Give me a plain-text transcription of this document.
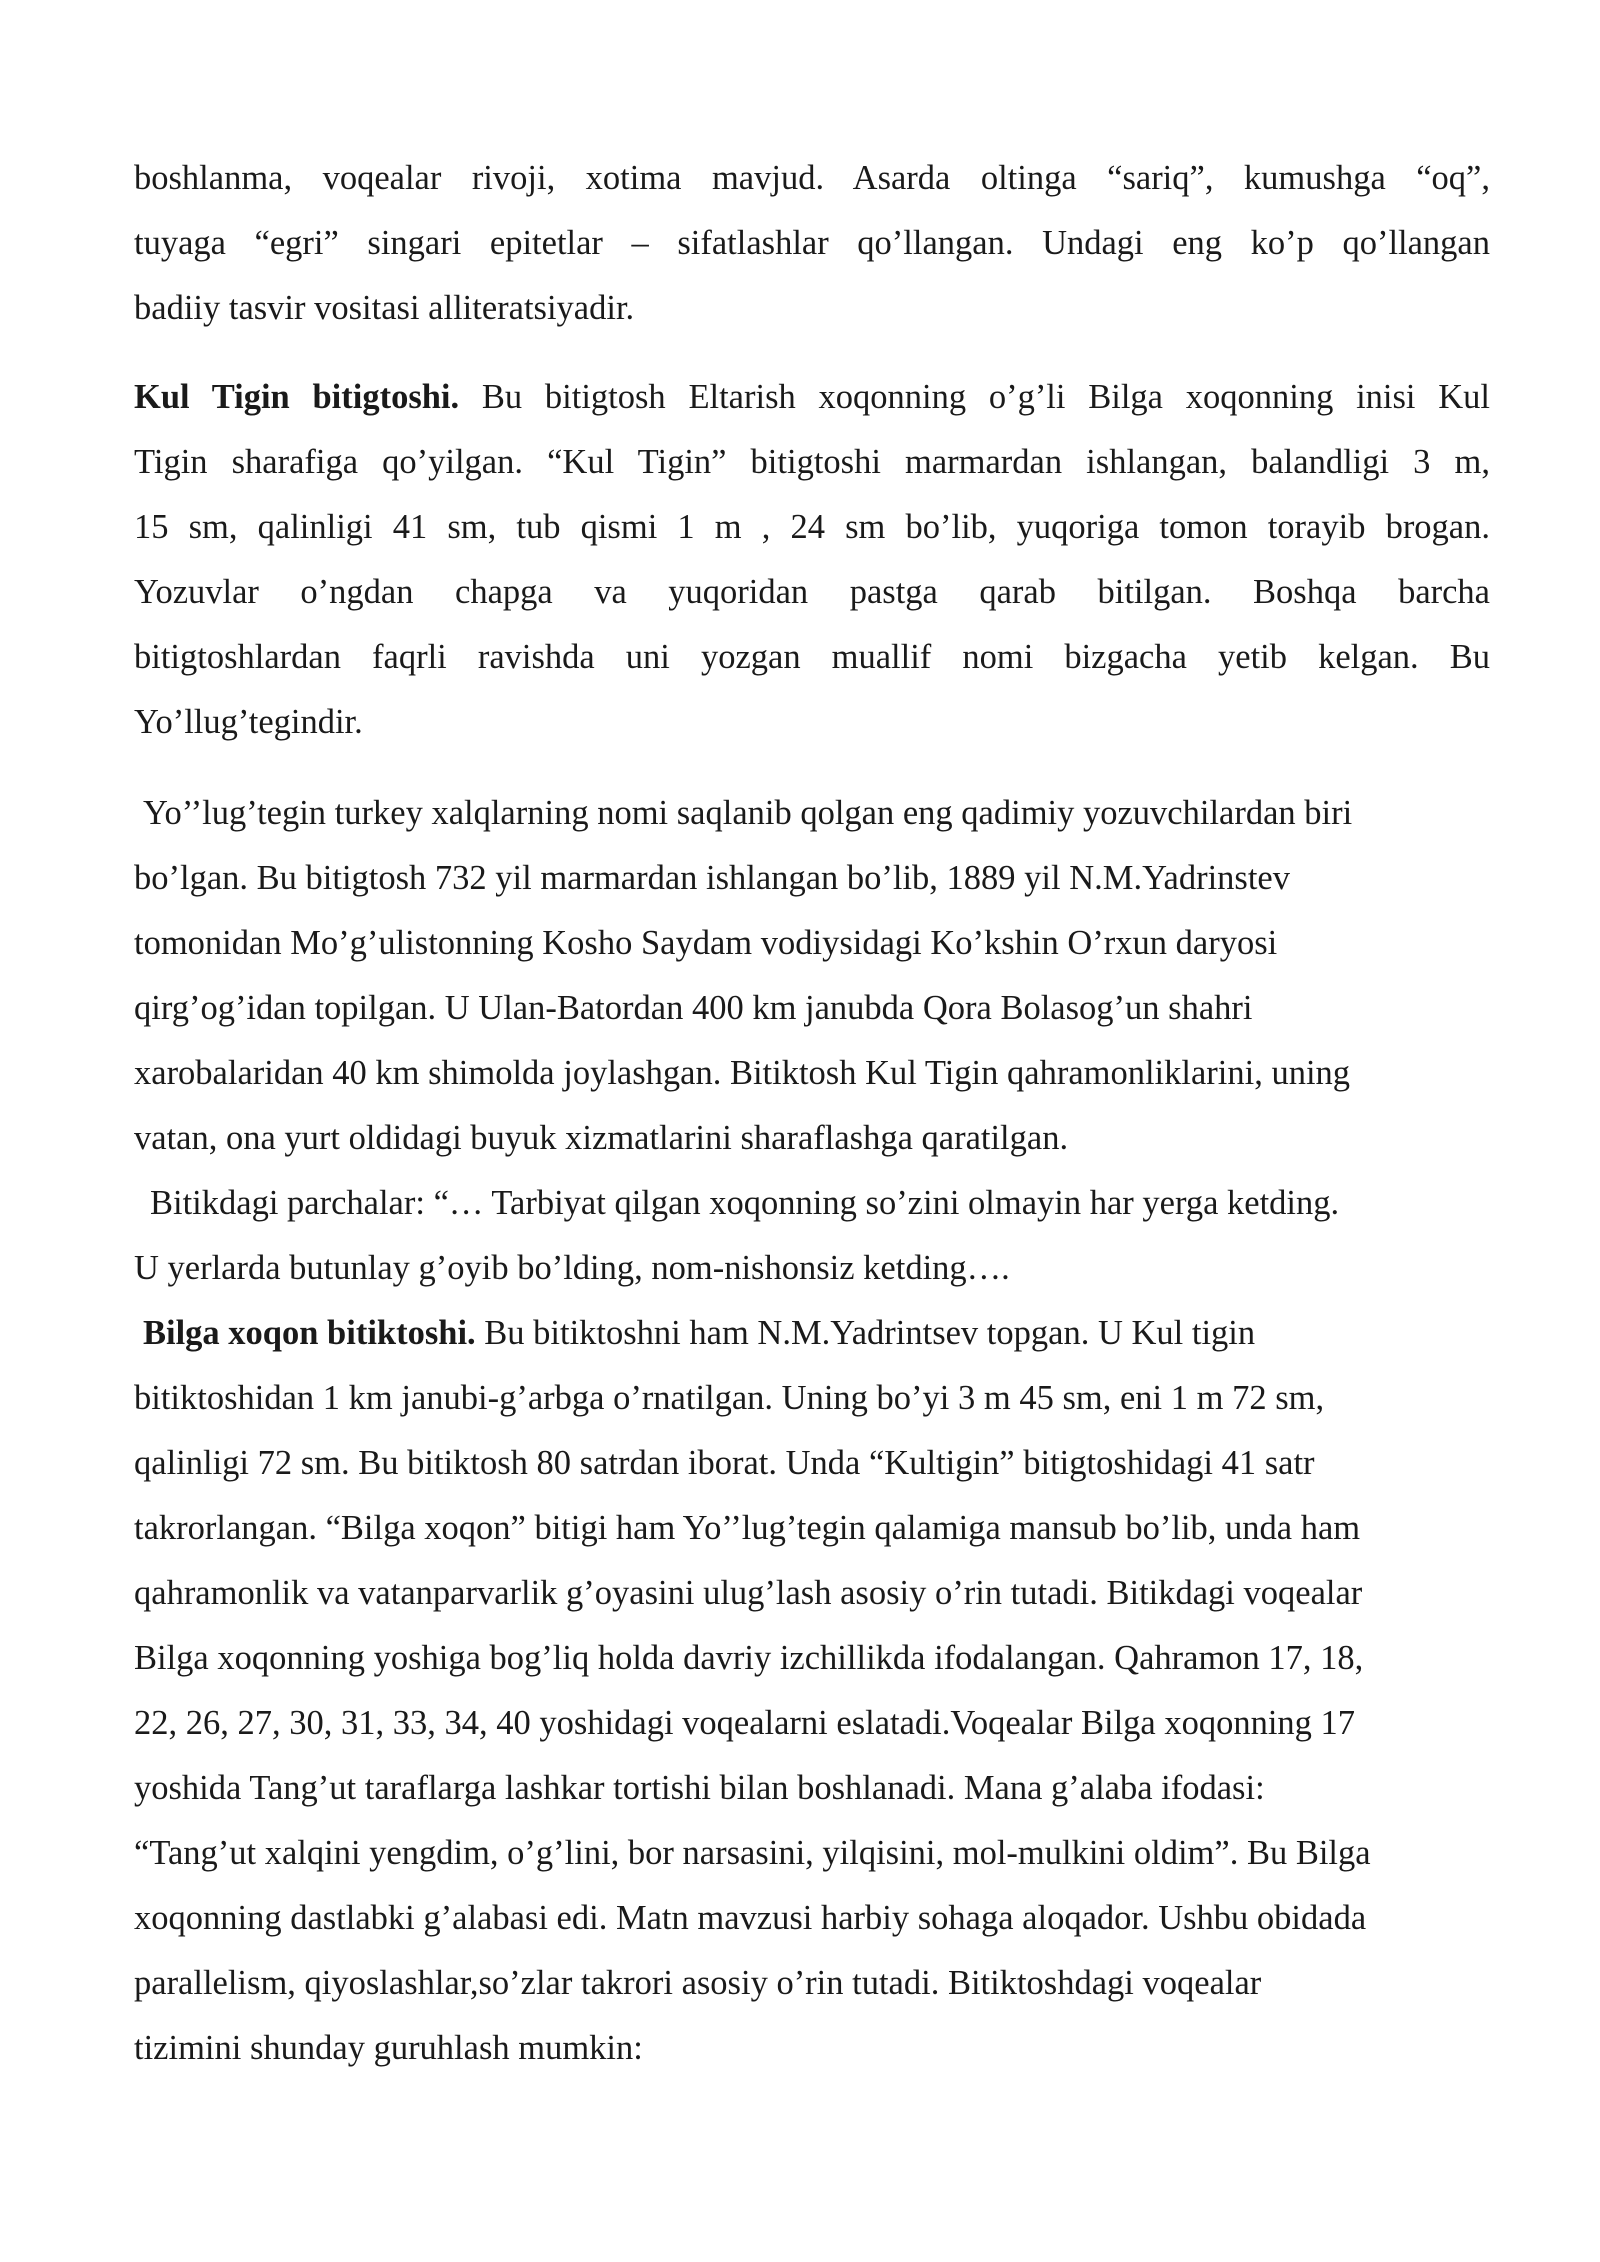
boshlanma, voqealar rivoji, xotima mavjud. Asarda oltinga “sariq”, kumushga “oq”,
tuyaga “egri” singari epitetlar – sifatlashlar qo’llangan. Undagi eng ko’p qo’llangan
badiiy tasvir vositasi alliteratsiyadir.
Kul Tigin bitigtoshi. Bu bitigtosh Eltarish xoqonning o’g’li Bilga xoqonning inisi Kul
Tigin sharafiga qo’yilgan. “Kul Tigin” bitigtoshi marmardan ishlangan, balandligi 3 m,
15 sm, qalinligi 41 sm, tub qismi 1 m , 24 sm bo’lib, yuqoriga tomon torayib brogan.
Yozuvlar o’ngdan chapga va yuqoridan pastga qarab bitilgan. Boshqa barcha
bitigtoshlardan faqrli ravishda uni yozgan muallif nomi bizgacha yetib kelgan. Bu
Yo’llug’tegindir.
Yo’’lug’tegin turkey xalqlarning nomi saqlanib qolgan eng qadimiy yozuvchilardan biri
bo’lgan. Bu bitigtosh 732 yil marmardan ishlangan bo’lib, 1889 yil N.M.Yadrinstev
tomonidan Mo’g’ulistonning Kosho Saydam vodiysidagi Ko’kshin O’rxun daryosi
qirg’og’idan topilgan. U Ulan-Batordan 400 km janubda Qora Bolasog’un shahri
xarobalaridan 40 km shimolda joylashgan. Bitiktosh Kul Tigin qahramonliklarini, uning
vatan, ona yurt oldidagi buyuk xizmatlarini sharaflashga qaratilgan.
Bitikdagi parchalar: “… Tarbiyat qilgan xoqonning so’zini olmayin har yerga ketding.
U yerlarda butunlay g’oyib bo’lding, nom-nishonsiz ketding….
Bilga xoqon bitiktoshi. Bu bitiktoshni ham N.M.Yadrintsev topgan. U Kul tigin
bitiktoshidan 1 km janubi-g’arbga o’rnatilgan. Uning bo’yi 3 m 45 sm, eni 1 m 72 sm,
qalinligi 72 sm. Bu bitiktosh 80 satrdan iborat. Unda “Kultigin” bitigtoshidagi 41 satr
takrorlangan. “Bilga xoqon” bitigi ham Yo’’lug’tegin qalamiga mansub bo’lib, unda ham
qahramonlik va vatanparvarlik g’oyasini ulug’lash asosiy o’rin tutadi. Bitikdagi voqealar
Bilga xoqonning yoshiga bog’liq holda davriy izchillikda ifodalangan. Qahramon 17, 18,
22, 26, 27, 30, 31, 33, 34, 40 yoshidagi voqealarni eslatadi.Voqealar Bilga xoqonning 17
yoshida Tang’ut taraflarga lashkar tortishi bilan boshlanadi. Mana g’alaba ifodasi:
“Tang’ut xalqini yengdim, o’g’lini, bor narsasini, yilqisini, mol-mulkini oldim”. Bu Bilga
xoqonning dastlabki g’alabasi edi. Matn mavzusi harbiy sohaga aloqador. Ushbu obidada
parallelism, qiyoslashlar,so’zlar takrori asosiy o’rin tutadi. Bitiktoshdagi voqealar
tizimini shunday guruhlash mumkin:
